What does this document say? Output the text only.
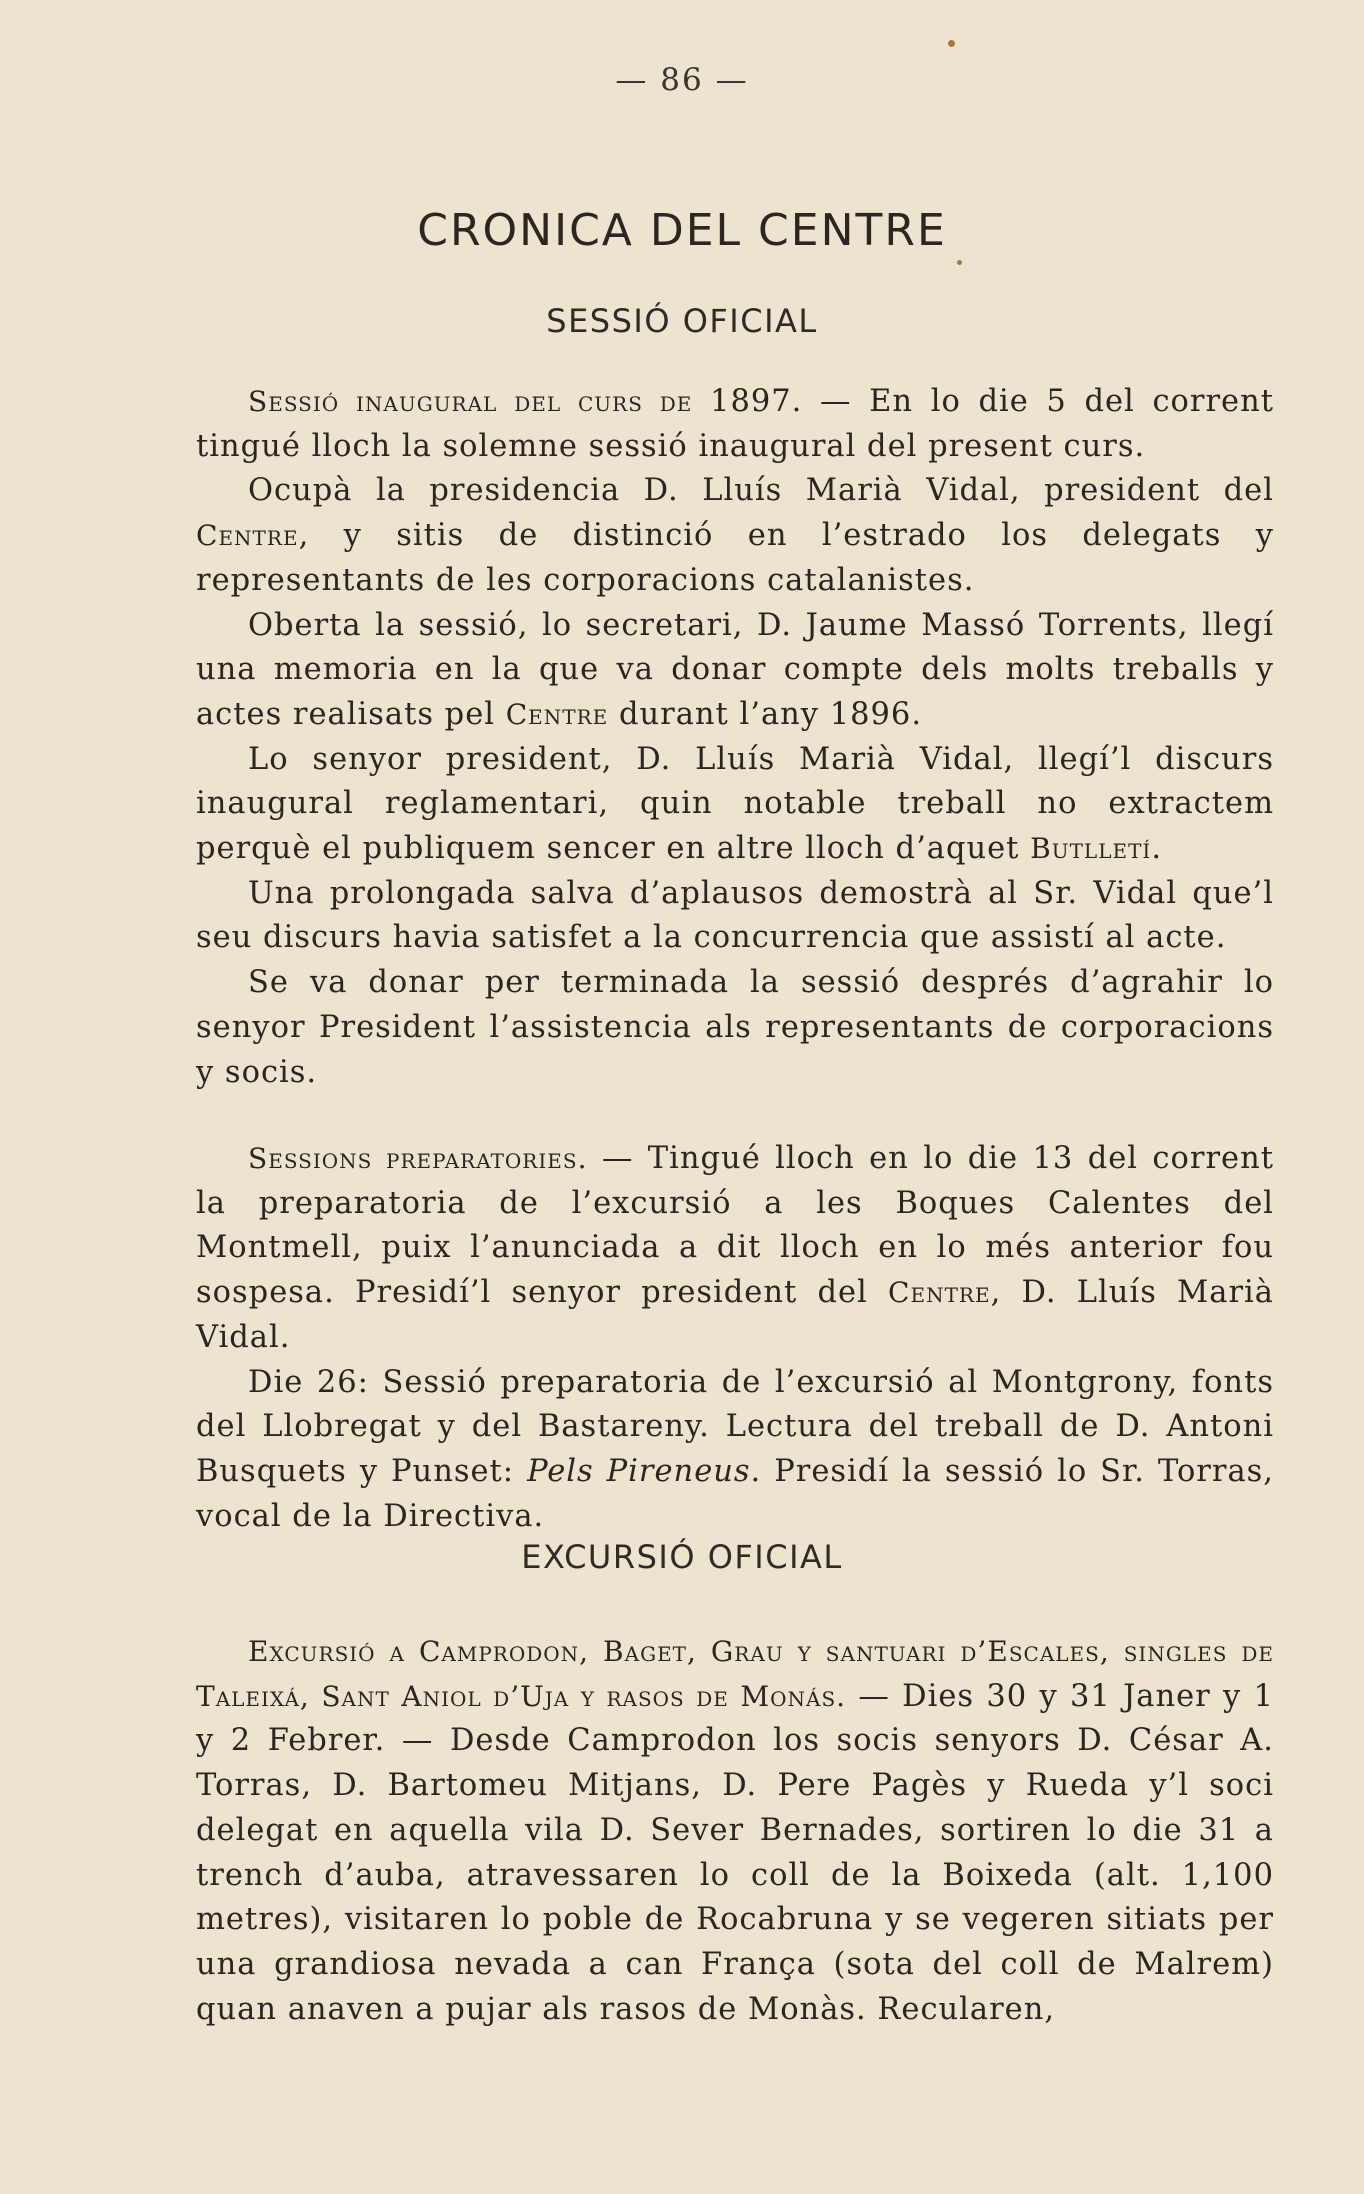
— 86 —
CRONICA DEL CENTRE
SESSIÓ OFICIAL

Sessió inaugural del curs de 1897. — En lo die 5 del corrent tingué lloch la solemne sessió inaugural del present curs.

Ocupà la presidencia D. Lluís Marià Vidal, president del Centre, y sitis de distinció en l’estrado los delegats y representants de les corporacions catalanistes.

Oberta la sessió, lo secretari, D. Jaume Massó Torrents, llegí una memoria en la que va donar compte dels molts treballs y actes realisats pel Centre durant l’any 1896.

Lo senyor president, D. Lluís Marià Vidal, llegí’l discurs inaugural reglamentari, quin notable treball no extractem perquè el publiquem sencer en altre lloch d’aquet Butlletí.

Una prolongada salva d’aplausos demostrà al Sr. Vidal que’l seu discurs havia satisfet a la concurrencia que assistí al acte.

Se va donar per terminada la sessió després d’agrahir lo senyor President l’assistencia als representants de corporacions y socis.

Sessions preparatories. — Tingué lloch en lo die 13 del corrent la preparatoria de l’excursió a les Boques Calentes del Montmell, puix l’anunciada a dit lloch en lo més anterior fou sospesa. Presidí’l senyor president del Centre, D. Lluís Marià Vidal.

Die 26: Sessió preparatoria de l’excursió al Montgrony, fonts del Llobregat y del Bastareny. Lectura del treball de D. Antoni Busquets y Punset: Pels Pireneus. Presidí la sessió lo Sr. Torras, vocal de la Directiva.

EXCURSIÓ OFICIAL

Excursió a Camprodon, Baget, Grau y santuari d’Escales, singles de Taleixá, Sant Aniol d’Uja y rasos de Monás. — Dies 30 y 31 Janer y 1 y 2 Febrer. — Desde Camprodon los socis senyors D. César A. Torras, D. Bartomeu Mitjans, D. Pere Pagès y Rueda y’l soci delegat en aquella vila D. Sever Bernades, sortiren lo die 31 a trench d’auba, atravessaren lo coll de la Boixeda (alt. 1,100 metres), visitaren lo poble de Rocabruna y se vegeren sitiats per una grandiosa nevada a can França (sota del coll de Malrem) quan anaven a pujar als rasos de Monàs. Recularen,
